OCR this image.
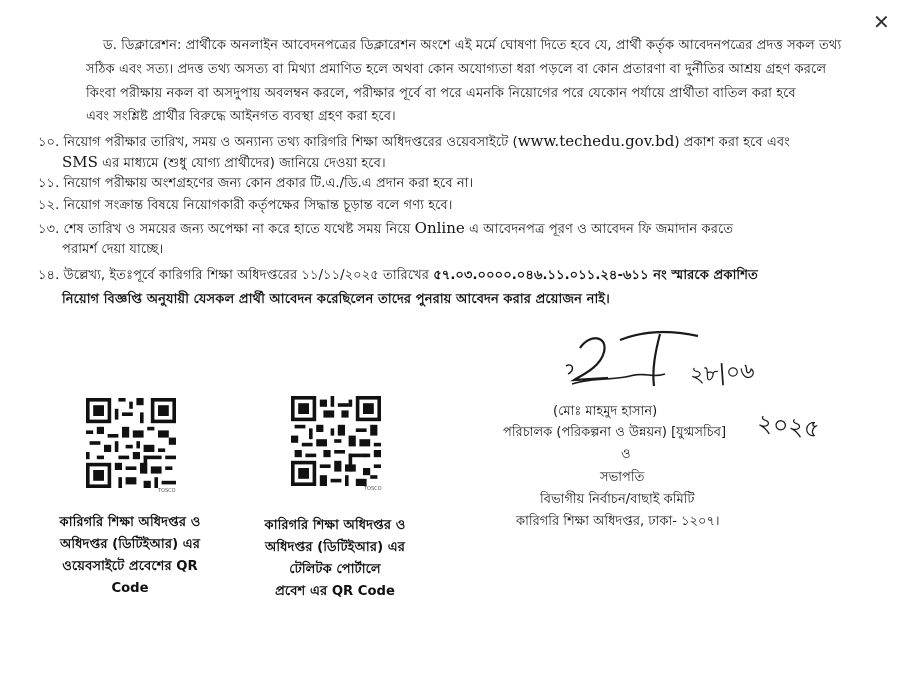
✕
ড. ডিক্লারেশন: প্রার্থীকে অনলাইন আবেদনপত্রের ডিক্লারেশন অংশে এই মর্মে ঘোষণা দিতে হবে যে, প্রার্থী কর্তৃক আবেদনপত্রের প্রদত্ত সকল তথ্য
সঠিক এবং সত্য। প্রদত্ত তথ্য অসত্য বা মিথ্যা প্রমাণিত হলে অথবা কোন অযোগ্যতা ধরা পড়লে বা কোন প্রতারণা বা দুর্নীতির আশ্রয় গ্রহণ করলে
কিংবা পরীক্ষায় নকল বা অসদুপায় অবলম্বন করলে, পরীক্ষার পূর্বে বা পরে এমনকি নিয়োগের পরে যেকোন পর্যায়ে প্রার্থীতা বাতিল করা হবে
এবং সংশ্লিষ্ট প্রার্থীর বিরুদ্ধে আইনগত ব্যবস্থা গ্রহণ করা হবে।
১০. নিয়োগ পরীক্ষার তারিখ, সময় ও অন্যান্য তথ্য কারিগরি শিক্ষা অধিদপ্তরের ওয়েবসাইটে (www.techedu.gov.bd) প্রকাশ করা হবে এবং
SMS এর মাধ্যমে (শুধু যোগ্য প্রার্থীদের) জানিয়ে দেওয়া হবে।
১১. নিয়োগ পরীক্ষায় অংশগ্রহণের জন্য কোন প্রকার টি.এ./ডি.এ প্রদান করা হবে না।
১২. নিয়োগ সংক্রান্ত বিষয়ে নিয়োগকারী কর্তৃপক্ষের সিদ্ধান্ত চূড়ান্ত বলে গণ্য হবে।
১৩. শেষ তারিখ ও সময়ের জন্য অপেক্ষা না করে হাতে যথেষ্ট সময় নিয়ে Online এ আবেদনপত্র পূরণ ও আবেদন ফি জমাদান করতে
পরামর্শ দেয়া যাচ্ছে।
১৪. উল্লেখ্য, ইতঃপূর্বে কারিগরি শিক্ষা অধিদপ্তরের ১১/১১/২০২৫ তারিখের ৫৭.০৩.০০০০.০৪৬.১১.০১১.২৪-৬১১ নং স্মারকে প্রকাশিত
নিয়োগ বিজ্ঞপ্তি অনুযায়ী যেসকল প্রার্থী আবেদন করেছিলেন তাদের পুনরায় আবেদন করার প্রয়োজন নাই।
২৮|০৬
২০২৫
(মোঃ মাহমুদ হাসান)
পরিচালক (পরিকল্পনা ও উন্নয়ন) [যুগ্মসচিব]
ও
সভাপতি
বিভাগীয় নির্বাচন/বাছাই কমিটি
কারিগরি শিক্ষা অধিদপ্তর, ঢাকা- ১২০৭।
TOSCO	TOSCO
কারিগরি শিক্ষা অধিদপ্তর ও
অধিদপ্তর (ডিটিইআর) এর
ওয়েবসাইটে প্রবেশের QR
Code
কারিগরি শিক্ষা অধিদপ্তর ও
অধিদপ্তর (ডিটিইআর) এর
টেলিটক পোর্টালে
প্রবেশ এর QR Code
